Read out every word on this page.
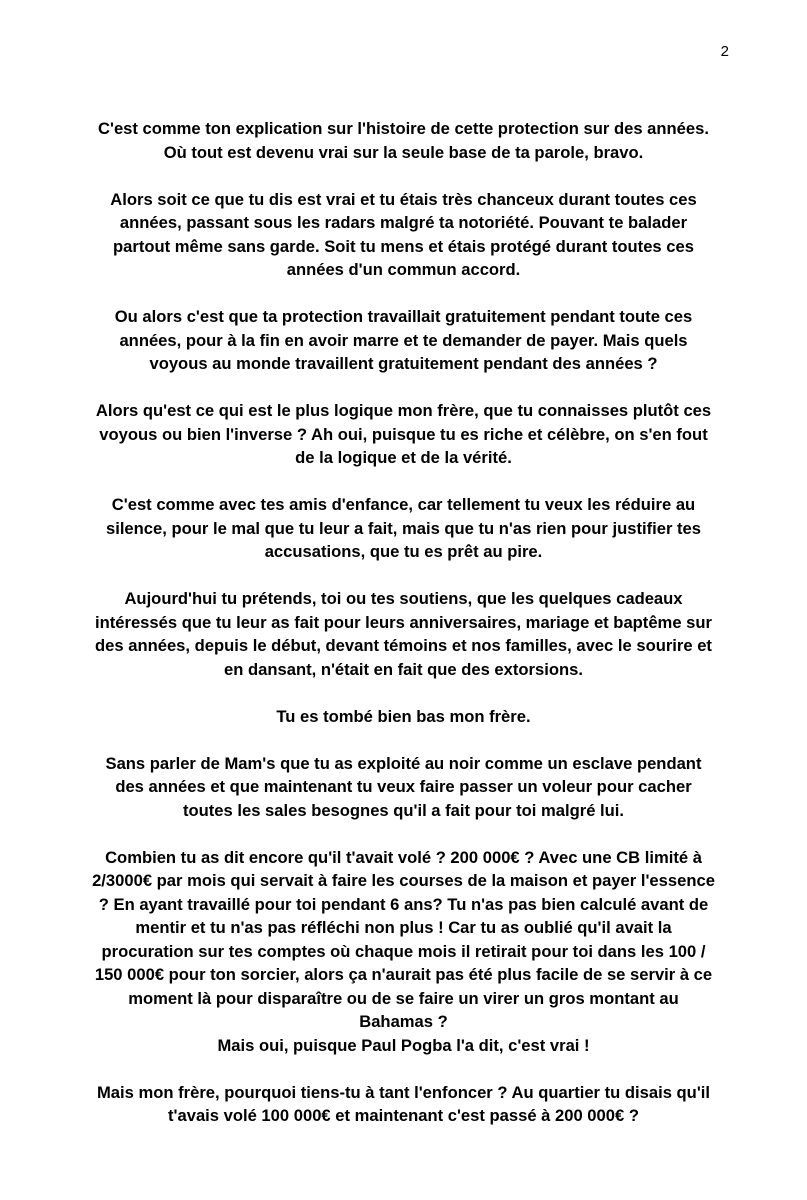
2

C'est comme ton explication sur l'histoire de cette protection sur des années.
Où tout est devenu vrai sur la seule base de ta parole, bravo.

Alors soit ce que tu dis est vrai et tu étais très chanceux durant toutes ces
années, passant sous les radars malgré ta notoriété. Pouvant te balader
partout même sans garde. Soit tu mens et étais protégé durant toutes ces
années d'un commun accord.

Ou alors c'est que ta protection travaillait gratuitement pendant toute ces
années, pour à la fin en avoir marre et te demander de payer. Mais quels
voyous au monde travaillent gratuitement pendant des années ?

Alors qu'est ce qui est le plus logique mon frère, que tu connaisses plutôt ces
voyous ou bien l'inverse ? Ah oui, puisque tu es riche et célèbre, on s'en fout
de la logique et de la vérité.

C'est comme avec tes amis d'enfance, car tellement tu veux les réduire au
silence, pour le mal que tu leur a fait, mais que tu n'as rien pour justifier tes
accusations, que tu es prêt au pire.

Aujourd'hui tu prétends, toi ou tes soutiens, que les quelques cadeaux
intéressés que tu leur as fait pour leurs anniversaires, mariage et baptême sur
des années, depuis le début, devant témoins et nos familles, avec le sourire et
en dansant, n'était en fait que des extorsions.

Tu es tombé bien bas mon frère.

Sans parler de Mam's que tu as exploité au noir comme un esclave pendant
des années et que maintenant tu veux faire passer un voleur pour cacher
toutes les sales besognes qu'il a fait pour toi malgré lui.

Combien tu as dit encore qu'il t'avait volé ? 200 000€ ? Avec une CB limité à
2/3000€ par mois qui servait à faire les courses de la maison et payer l'essence
? En ayant travaillé pour toi pendant 6 ans? Tu n'as pas bien calculé avant de
mentir et tu n'as pas réfléchi non plus ! Car tu as oublié qu'il avait la
procuration sur tes comptes où chaque mois il retirait pour toi dans les 100 /
150 000€ pour ton sorcier, alors ça n'aurait pas été plus facile de se servir à ce
moment là pour disparaître ou de se faire un virer un gros montant au
Bahamas ?
Mais oui, puisque Paul Pogba l'a dit, c'est vrai !

Mais mon frère, pourquoi tiens-tu à tant l'enfoncer ? Au quartier tu disais qu'il
t'avais volé 100 000€ et maintenant c'est passé à 200 000€ ?
